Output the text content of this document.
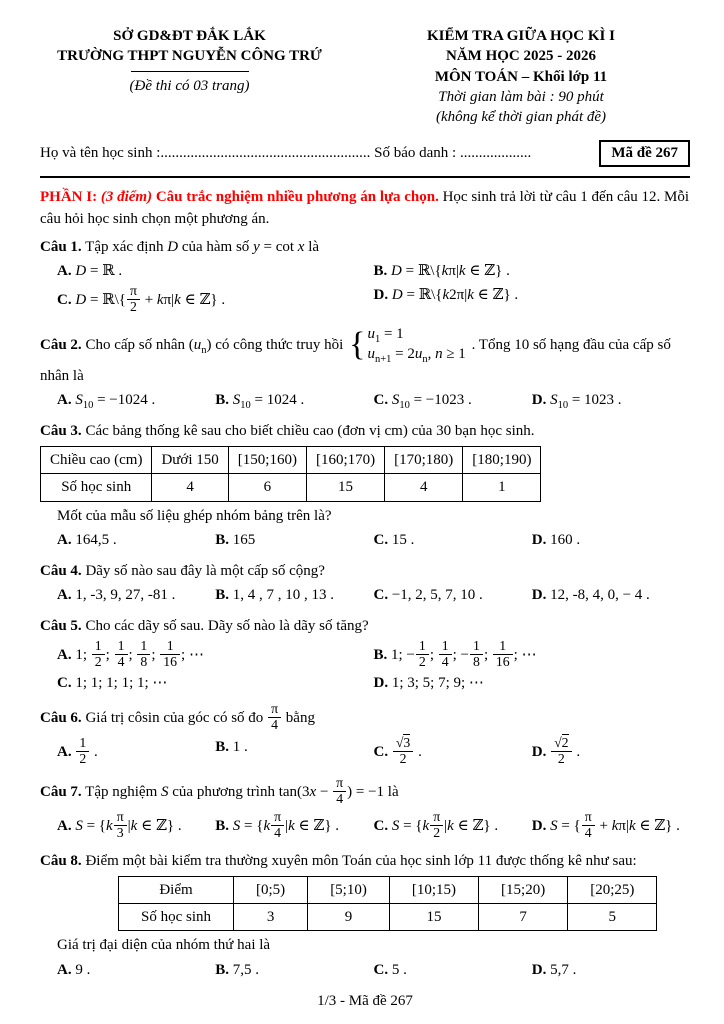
SỞ GD&ĐT ĐẮK LẮK
TRƯỜNG THPT NGUYỄN CÔNG TRỨ
(Đề thi có 03 trang)
KIỂM TRA GIỮA HỌC KÌ I
NĂM HỌC 2025 - 2026
MÔN TOÁN – Khối lớp 11
Thời gian làm bài : 90 phút
(không kể thời gian phát đề)
Họ và tên học sinh :........................................................ Số báo danh : ...................	Mã đề 267

PHẦN I: (3 điểm) Câu trắc nghiệm nhiều phương án lựa chọn. Học sinh trả lời từ câu 1 đến câu 12. Mỗi câu hỏi học sinh chọn một phương án.

Câu 1. Tập xác định D của hàm số y = cot x là

A. D = ℝ .	B. D = ℝ\{kπ|k ∈ ℤ} .
C. D = ℝ\{ $\frac{\pi}{2} + k\pi|k$ ∈ ℤ} .	D. D = ℝ\{k2π|k ∈ ℤ} .

Câu 2. Cho cấp số nhân $(u_n)$ có công thức truy hồi { $u_1 = 1$
$u_{n+1} = 2u_n$, n ≥ 1
. Tổng 10 số hạng đầu của cấp số nhân là

A. $S_{10} = -1024$ .	B. $S_{10} = 1024$ .	C. $S_{10} = -1023$ .	D. $S_{10} = 1023$ .

Câu 3. Các bảng thống kê sau cho biết chiều cao (đơn vị cm) của 30 bạn học sinh.

Chiều cao (cm)	Dưới 150	[150;160)	[160;170)	[170;180)	[180;190)
Số học sinh	4	6	15	4	1

Mốt của mẫu số liệu ghép nhóm bảng trên là?

A. 164,5 .	B. 165	C. 15 .	D. 160 .

Câu 4. Dãy số nào sau đây là một cấp số cộng?

A. 1, -3, 9, 27, -81 .	B. 1, 4 , 7 , 10 , 13 .	C. −1, 2, 5, 7, 10 .	D. 12, -8, 4, 0, − 4 .

Câu 5. Cho các dãy số sau. Dãy số nào là dãy số tăng?

A. 1; $\frac{1}{2}$ ; $\frac{1}{4}$ ; $\frac{1}{8}$ ; $\frac{1}{16}$ ; ⋯	B. 1; − $\frac{1}{2}$ ; $\frac{1}{4}$ ; − $\frac{1}{8}$ ; $\frac{1}{16}$ ; ⋯
C. 1; 1; 1; 1; 1; ⋯	D. 1; 3; 5; 7; 9; ⋯

Câu 6. Giá trị côsin của góc có số đo $\frac{\pi}{4}$ bằng

A. $\frac{1}{2}$ .	B. 1 .	C. $\frac{√3}{2}$ .	D. $\frac{√2}{2}$ .

Câu 7. Tập nghiệm S của phương trình $\tan(3x - \frac{\pi}{4}$ ) = −1 là

A. $S = \{k \frac{\pi}{3} |k$ ∈ ℤ} .	B. $S = \{k \frac{\pi}{4} |k$ ∈ ℤ} .	C. $S = \{k \frac{\pi}{2} |k$ ∈ ℤ} .	D. S = { $\frac{\pi}{4} + k\pi|k$ ∈ ℤ} .

Câu 8. Điểm một bài kiểm tra thường xuyên môn Toán của học sinh lớp 11 được thống kê như sau:

Điểm	[0;5)	[5;10)	[10;15)	[15;20)	[20;25)
Số học sinh	3	9	15	7	5

Giá trị đại diện của nhóm thứ hai là

A. 9 .	B. 7,5 .	C. 5 .	D. 5,7 .
1/3 - Mã đề 267
